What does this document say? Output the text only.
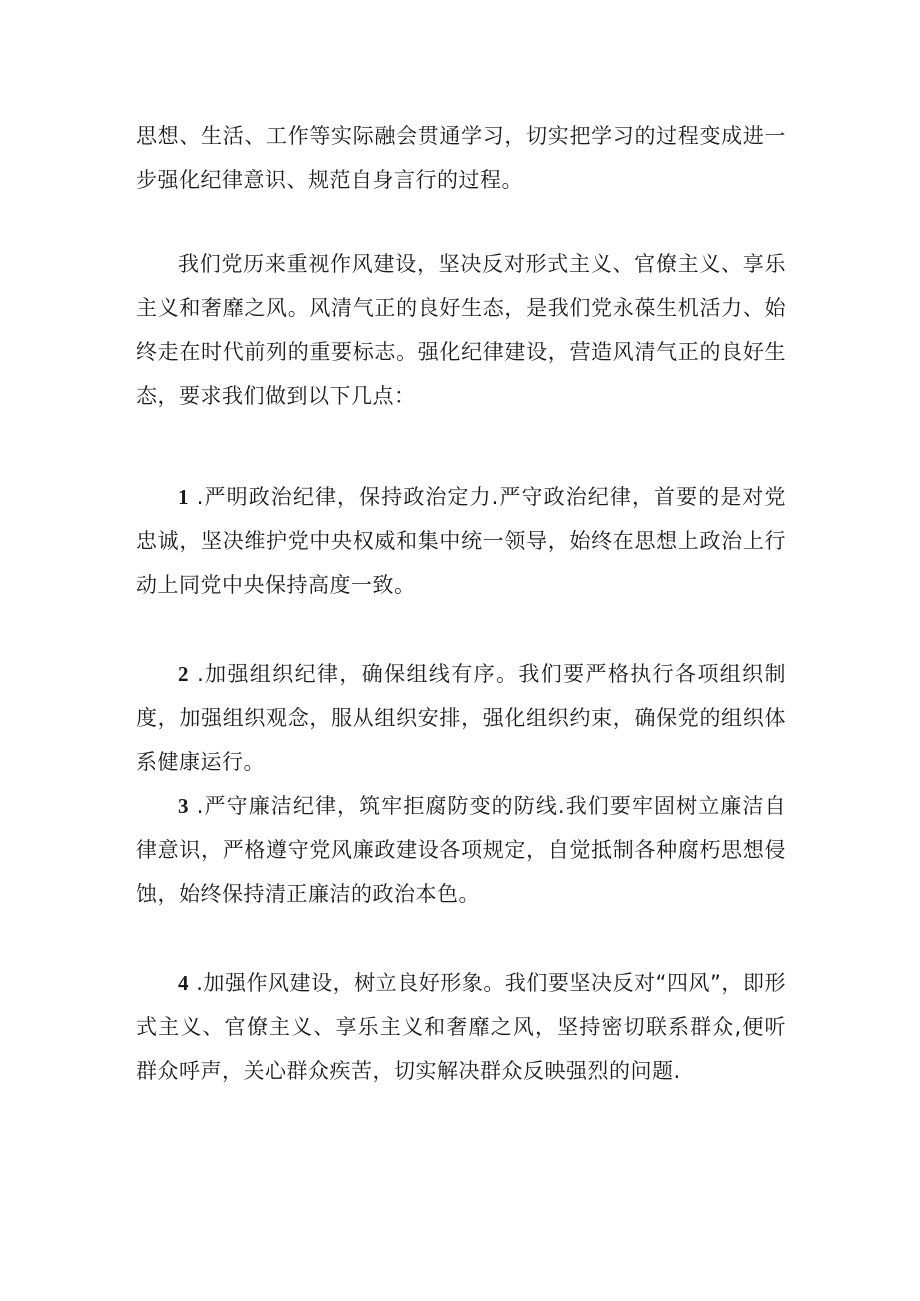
思想、生活、工作等实际融会贯通学习，切实把学习的过程变成进一步强化纪律意识、规范自身言行的过程。

我们党历来重视作风建设，坚决反对形式主义、官僚主义、享乐主义和奢靡之风。风清气正的良好生态，是我们党永葆生机活力、始终走在时代前列的重要标志。强化纪律建设，营造风清气正的良好生态，要求我们做到以下几点：

1 .严明政治纪律，保持政治定力.严守政治纪律，首要的是对党忠诚，坚决维护党中央权威和集中统一领导，始终在思想上政治上行动上同党中央保持高度一致。

2 .加强组织纪律，确保组线有序。我们要严格执行各项组织制度，加强组织观念，服从组织安排，强化组织约束，确保党的组织体系健康运行。

3 .严守廉洁纪律，筑牢拒腐防变的防线.我们要牢固树立廉洁自律意识，严格遵守党风廉政建设各项规定，自觉抵制各种腐朽思想侵蚀，始终保持清正廉洁的政治本色。

4 .加强作风建设，树立良好形象。我们要坚决反对“四风”，即形式主义、官僚主义、享乐主义和奢靡之风，坚持密切联系群众,便听群众呼声，关心群众疾苦，切实解决群众反映强烈的问题.
